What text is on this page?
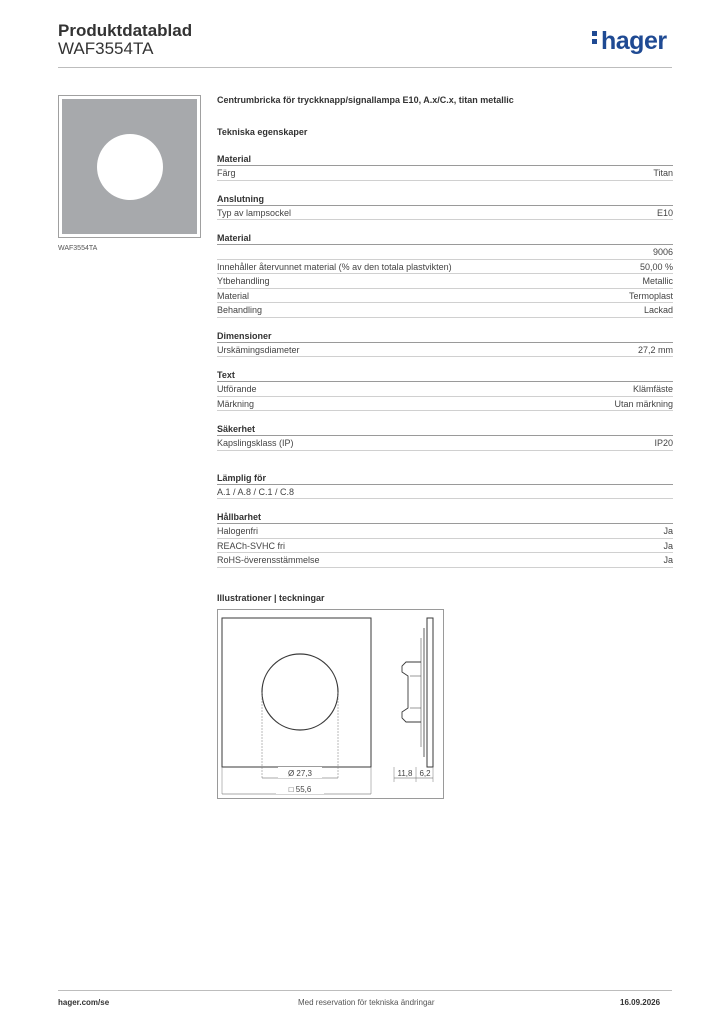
Produktdatablad
WAF3554TA	hager
WAF3554TA
Centrumbricka för tryckknapp/signallampa E10, A.x/C.x, titan metallic
Tekniska egenskaper
Material
Färg	Titan
Anslutning
Typ av lampsockel	E10
Material
9006
Innehåller återvunnet material (% av den totala plastvikten)	50,00 %
Ytbehandling	Metallic
Material	Termoplast
Behandling	Lackad
Dimensioner
Urskämingsdiameter	27,2 mm
Text
Utförande	Klämfäste
Märkning	Utan märkning
Säkerhet
Kapslingsklass (IP)	IP20
Lämplig för
A.1 / A.8 / C.1 / C.8
Hållbarhet
Halogenfri	Ja
REACh-SVHC fri	Ja
RoHS-överensstämmelse	Ja
Illustrationer | teckningar
Ø 27,3
□ 55,6
11,8 6,2
hager.com/se	Med reservation för tekniska ändringar	16.09.2026
